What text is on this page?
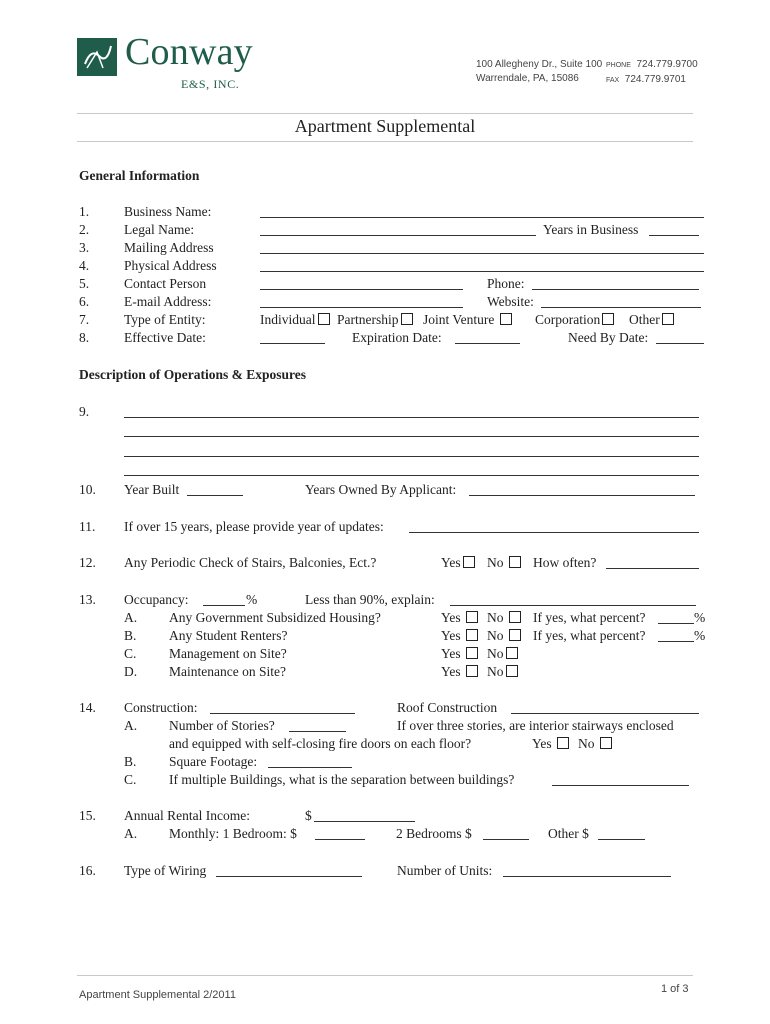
Conway
E&S, INC.
100 Allegheny Dr., Suite 100
Warrendale, PA, 15086
PHONE 724.779.9700
FAX 724.779.9701
Apartment Supplemental
General Information
1.	Business Name:
2.	Legal Name:	Years in Business
3.	Mailing Address
4.	Physical Address
5.	Contact Person	Phone:
6.	E-mail Address:	Website:
7.	Type of Entity:	Individual	Partnership	Joint Venture	Corporation	Other
8.	Effective Date:	Expiration Date:	Need By Date:
Description of Operations & Exposures
9.
10. Year Built	Years Owned By Applicant:
11. If over 15 years, please provide year of updates:
12. Any Periodic Check of Stairs, Balconies, Ect.?	Yes	No	How often?
13. Occupancy:	%	Less than 90%, explain:
A. Any Government Subsidized Housing?	Yes	No	If yes, what percent?	%
B. Any Student Renters?	Yes	No	If yes, what percent?	%
C. Management on Site?	Yes	No
D. Maintenance on Site?	Yes	No
14. Construction:	Roof Construction
A. Number of Stories?	If over three stories, are interior stairways enclosed
and equipped with self-closing fire doors on each floor?	Yes	No
B. Square Footage:
C. If multiple Buildings, what is the separation between buildings?
15. Annual Rental Income:	$
A. Monthly: 1 Bedroom: $	2 Bedrooms $	Other $
16. Type of Wiring	Number of Units:
Apartment Supplemental 2/2011	1 of 3
